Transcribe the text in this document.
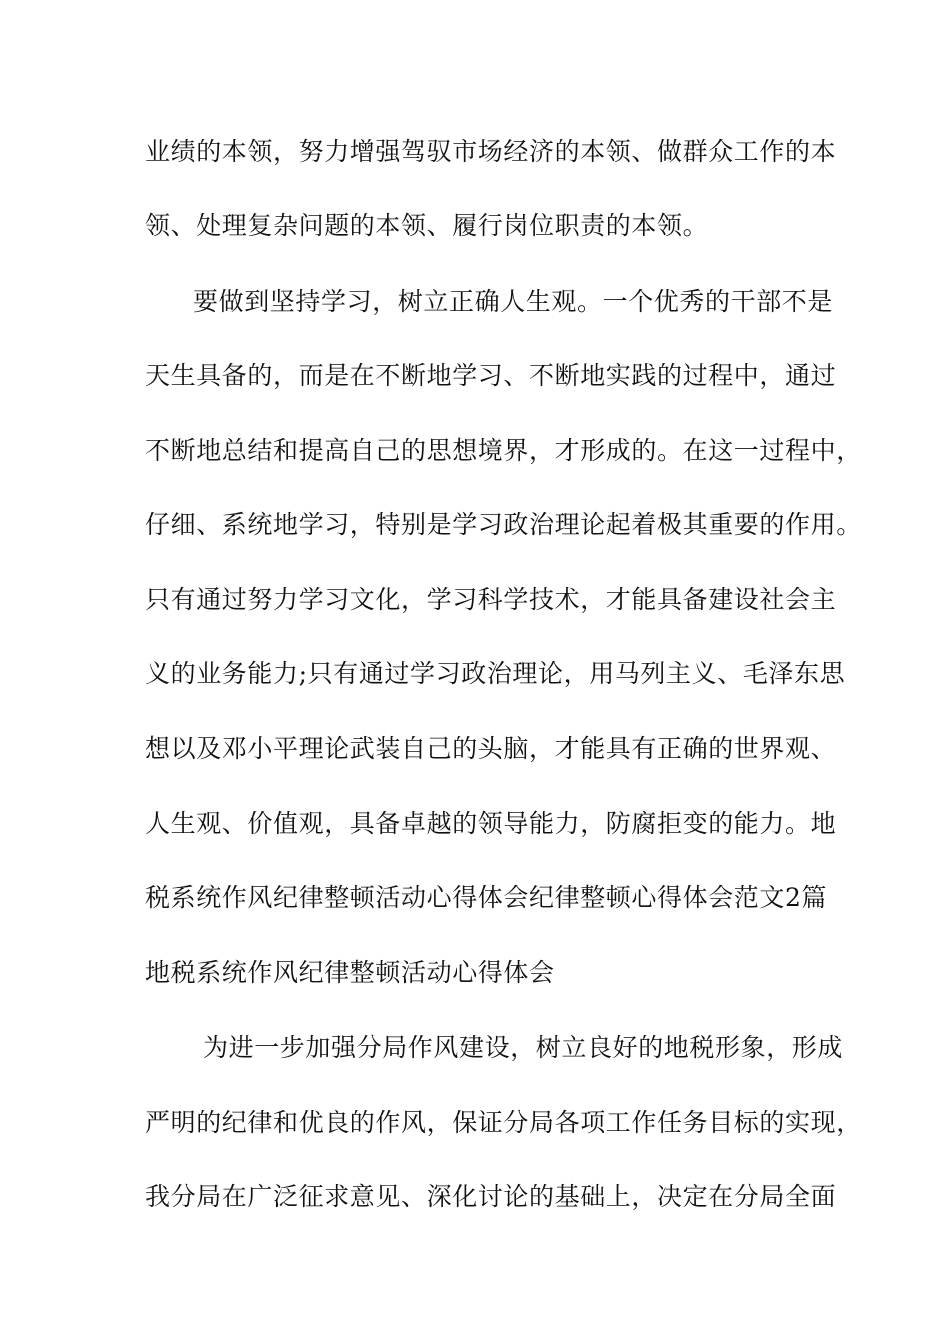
业绩的本领，努力增强驾驭市场经济的本领、做群众工作的本
领、处理复杂问题的本领、履行岗位职责的本领。
要做到坚持学习，树立正确人生观。一个优秀的干部不是
天生具备的，而是在不断地学习、不断地实践的过程中，通过
不断地总结和提高自己的思想境界，才形成的。在这一过程中，
仔细、系统地学习，特别是学习政治理论起着极其重要的作用。
只有通过努力学习文化，学习科学技术，才能具备建设社会主
义的业务能力;只有通过学习政治理论，用马列主义、毛泽东思
想以及邓小平理论武装自己的头脑，才能具有正确的世界观、
人生观、价值观，具备卓越的领导能力，防腐拒变的能力。地
税系统作风纪律整顿活动心得体会纪律整顿心得体会范文2篇
地税系统作风纪律整顿活动心得体会
为进一步加强分局作风建设，树立良好的地税形象，形成
严明的纪律和优良的作风，保证分局各项工作任务目标的实现，
我分局在广泛征求意见、深化讨论的基础上，决定在分局全面
